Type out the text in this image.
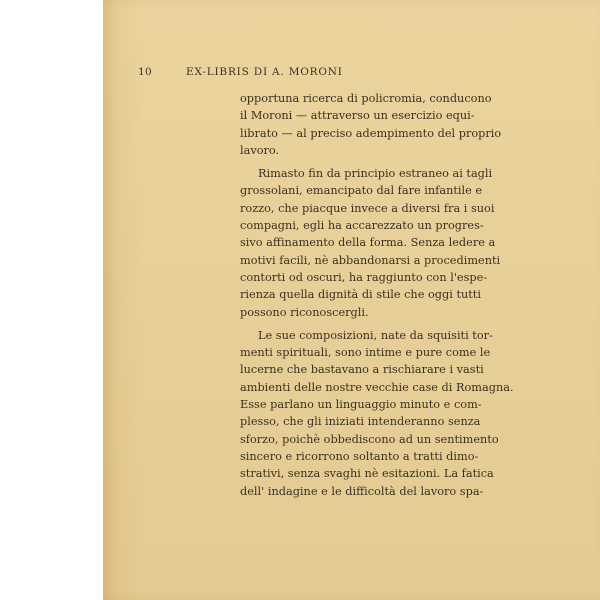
10	EX-LIBRIS DI A. MORONI
opportuna ricerca di policromia, conducono
il Moroni — attraverso un esercizio equi-
librato — al preciso adempimento del proprio
lavoro.
Rimasto fin da principio estraneo ai tagli
grossolani, emancipato dal fare infantile e
rozzo, che piacque invece a diversi fra i suoi
compagni, egli ha accarezzato un progres-
sivo affinamento della forma. Senza ledere a
motivi facili, nè abbandonarsi a procedimenti
contorti od oscuri, ha raggiunto con l'espe-
rienza quella dignità di stile che oggi tutti
possono riconoscergli.
Le sue composizioni, nate da squisiti tor-
menti spirituali, sono intime e pure come le
lucerne che bastavano a rischiarare i vasti
ambienti delle nostre vecchie case di Romagna.
Esse parlano un linguaggio minuto e com-
plesso, che gli iniziati intenderanno senza
sforzo, poichè obbediscono ad un sentimento
sincero e ricorrono soltanto a tratti dimo-
strativi, senza svaghi nè esitazioni. La fatica
dell' indagine e le difficoltà del lavoro spa-
